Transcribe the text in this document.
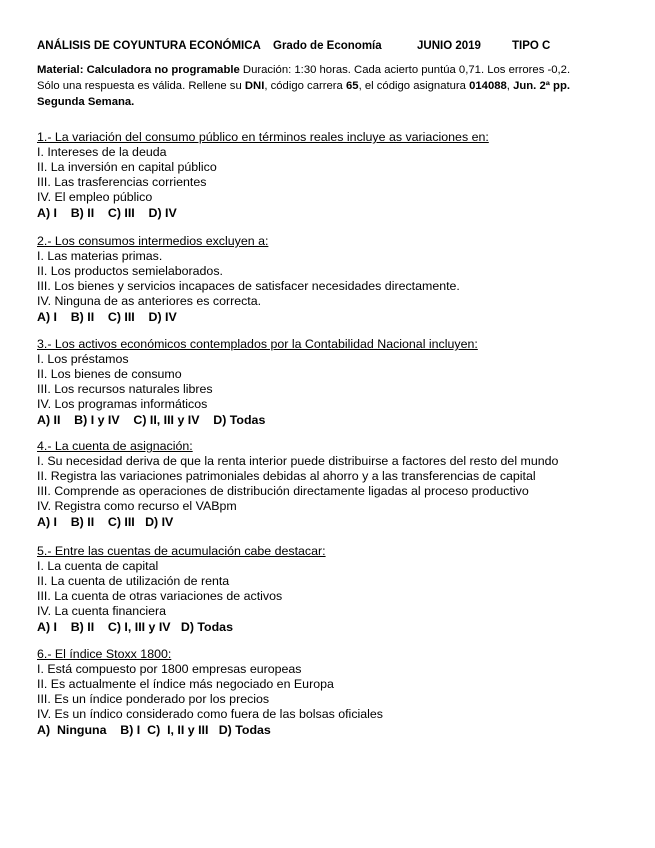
ANÁLISIS DE COYUNTURA ECONÓMICA Grado de Economía	JUNIO 2019	TIPO C
Material: Calculadora no programable Duración: 1:30 horas. Cada acierto puntúa 0,71. Los errores -0,2.
Sólo una respuesta es válida. Rellene su DNI, código carrera 65, el código asignatura 014088, Jun. 2ª pp.
Segunda Semana.
1.- La variación del consumo público en términos reales incluye as variaciones en:
I. Intereses de la deuda
II. La inversión en capital público
III. Las trasferencias corrientes
IV. El empleo público
A) I    B) II    C) III    D) IV
2.- Los consumos intermedios excluyen a:
I. Las materias primas.
II. Los productos semielaborados.
III. Los bienes y servicios incapaces de satisfacer necesidades directamente.
IV. Ninguna de as anteriores es correcta.
A) I    B) II    C) III    D) IV
3.- Los activos económicos contemplados por la Contabilidad Nacional incluyen:
I. Los préstamos
II. Los bienes de consumo
III. Los recursos naturales libres
IV. Los programas informáticos
A) II    B) I y IV    C) II, III y IV    D) Todas
4.- La cuenta de asignación:
I. Su necesidad deriva de que la renta interior puede distribuirse a factores del resto del mundo
II. Registra las variaciones patrimoniales debidas al ahorro y a las transferencias de capital
III. Comprende as operaciones de distribución directamente ligadas al proceso productivo
IV. Registra como recurso el VABpm
A) I    B) II    C) III   D) IV
5.- Entre las cuentas de acumulación cabe destacar:
I. La cuenta de capital
II. La cuenta de utilización de renta
III. La cuenta de otras variaciones de activos
IV. La cuenta financiera
A) I    B) II    C) I, III y IV   D) Todas
6.- El índice Stoxx 1800:
I. Está compuesto por 1800 empresas europeas
II. Es actualmente el índice más negociado en Europa
III. Es un índice ponderado por los precios
IV. Es un índico considerado como fuera de las bolsas oficiales
A)  Ninguna    B) I  C)  I, II y III   D) Todas
